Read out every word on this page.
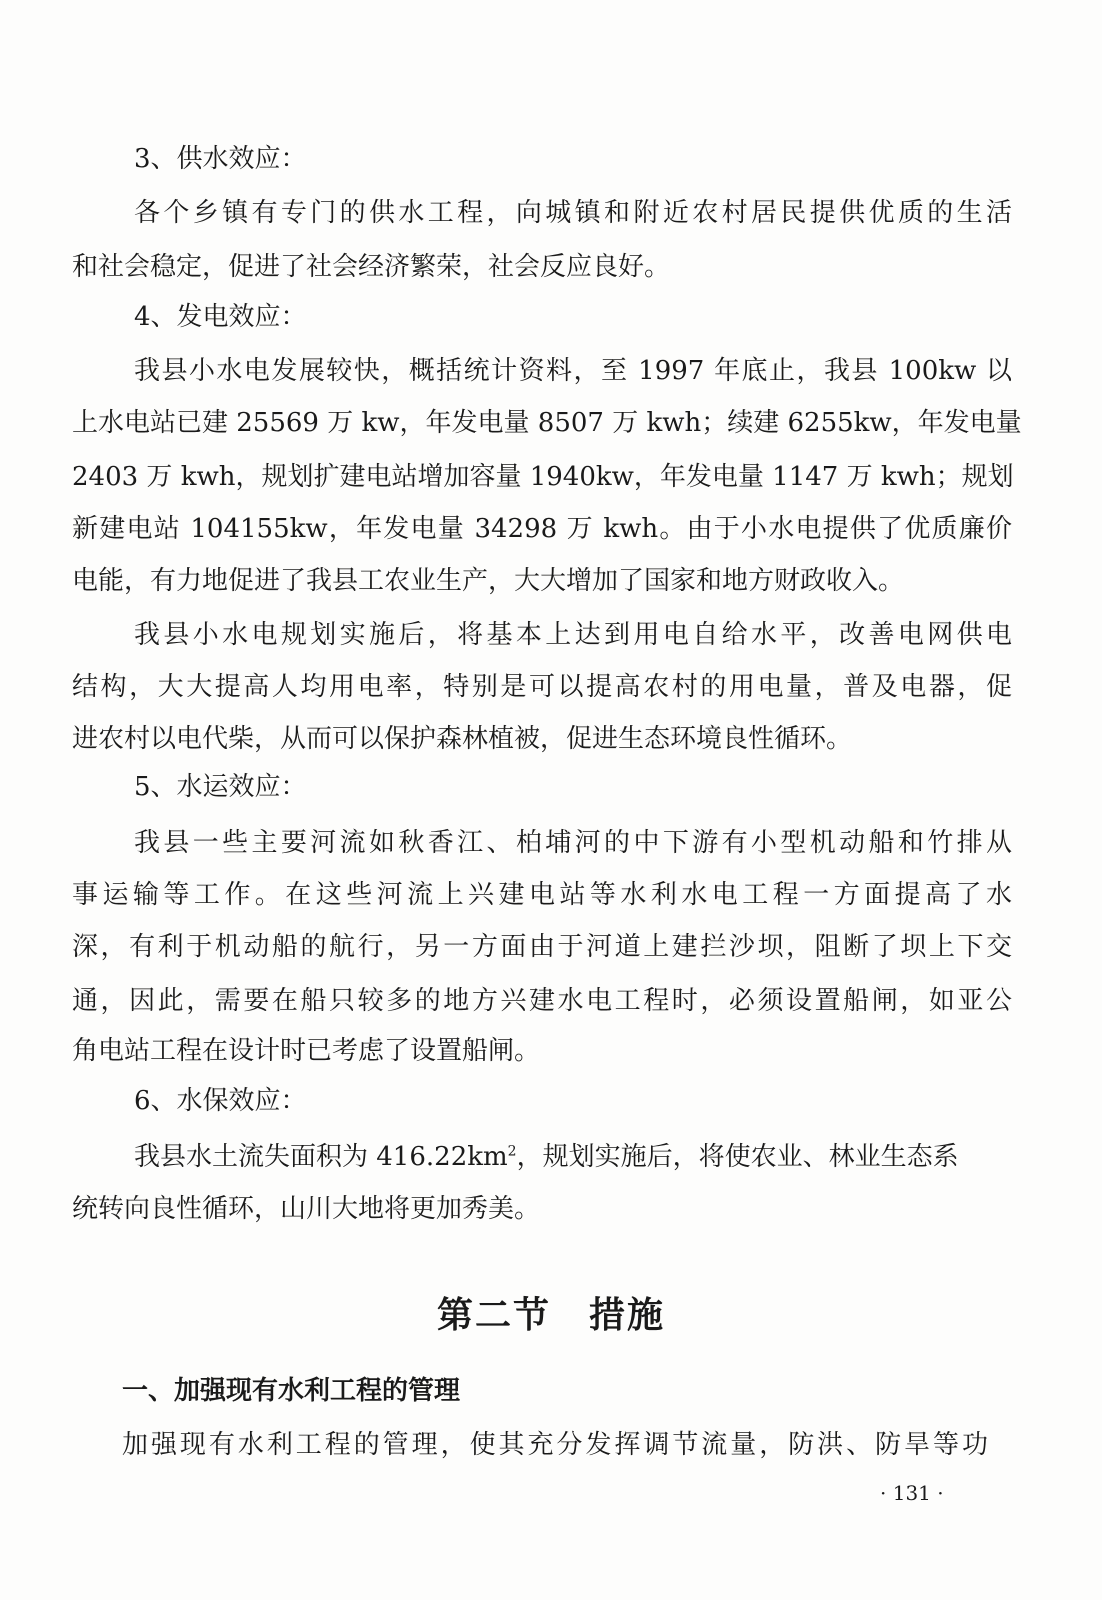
3、供水效应：
各个乡镇有专门的供水工程，向城镇和附近农村居民提供优质的生活
和社会稳定，促进了社会经济繁荣，社会反应良好。
4、发电效应：
我县小水电发展较快，概括统计资料，至 1997 年底止，我县 100kw 以
上水电站已建 25569 万 kw，年发电量 8507 万 kwh；续建 6255kw，年发电量
2403 万 kwh，规划扩建电站增加容量 1940kw，年发电量 1147 万 kwh；规划
新建电站 104155kw，年发电量 34298 万 kwh。由于小水电提供了优质廉价
电能，有力地促进了我县工农业生产，大大增加了国家和地方财政收入。
我县小水电规划实施后，将基本上达到用电自给水平，改善电网供电
结构，大大提高人均用电率，特别是可以提高农村的用电量，普及电器，促
进农村以电代柴，从而可以保护森林植被，促进生态环境良性循环。
5、水运效应：
我县一些主要河流如秋香江、柏埔河的中下游有小型机动船和竹排从
事运输等工作。在这些河流上兴建电站等水利水电工程一方面提高了水
深，有利于机动船的航行，另一方面由于河道上建拦沙坝，阻断了坝上下交
通，因此，需要在船只较多的地方兴建水电工程时，必须设置船闸，如亚公
角电站工程在设计时已考虑了设置船闸。
6、水保效应：
我县水土流失面积为 $416.22km^2$，规划实施后，将使农业、林业生态系
统转向良性循环，山川大地将更加秀美。
第二节　措施
一、加强现有水利工程的管理
加强现有水利工程的管理，使其充分发挥调节流量，防洪、防旱等功
· 131 ·
